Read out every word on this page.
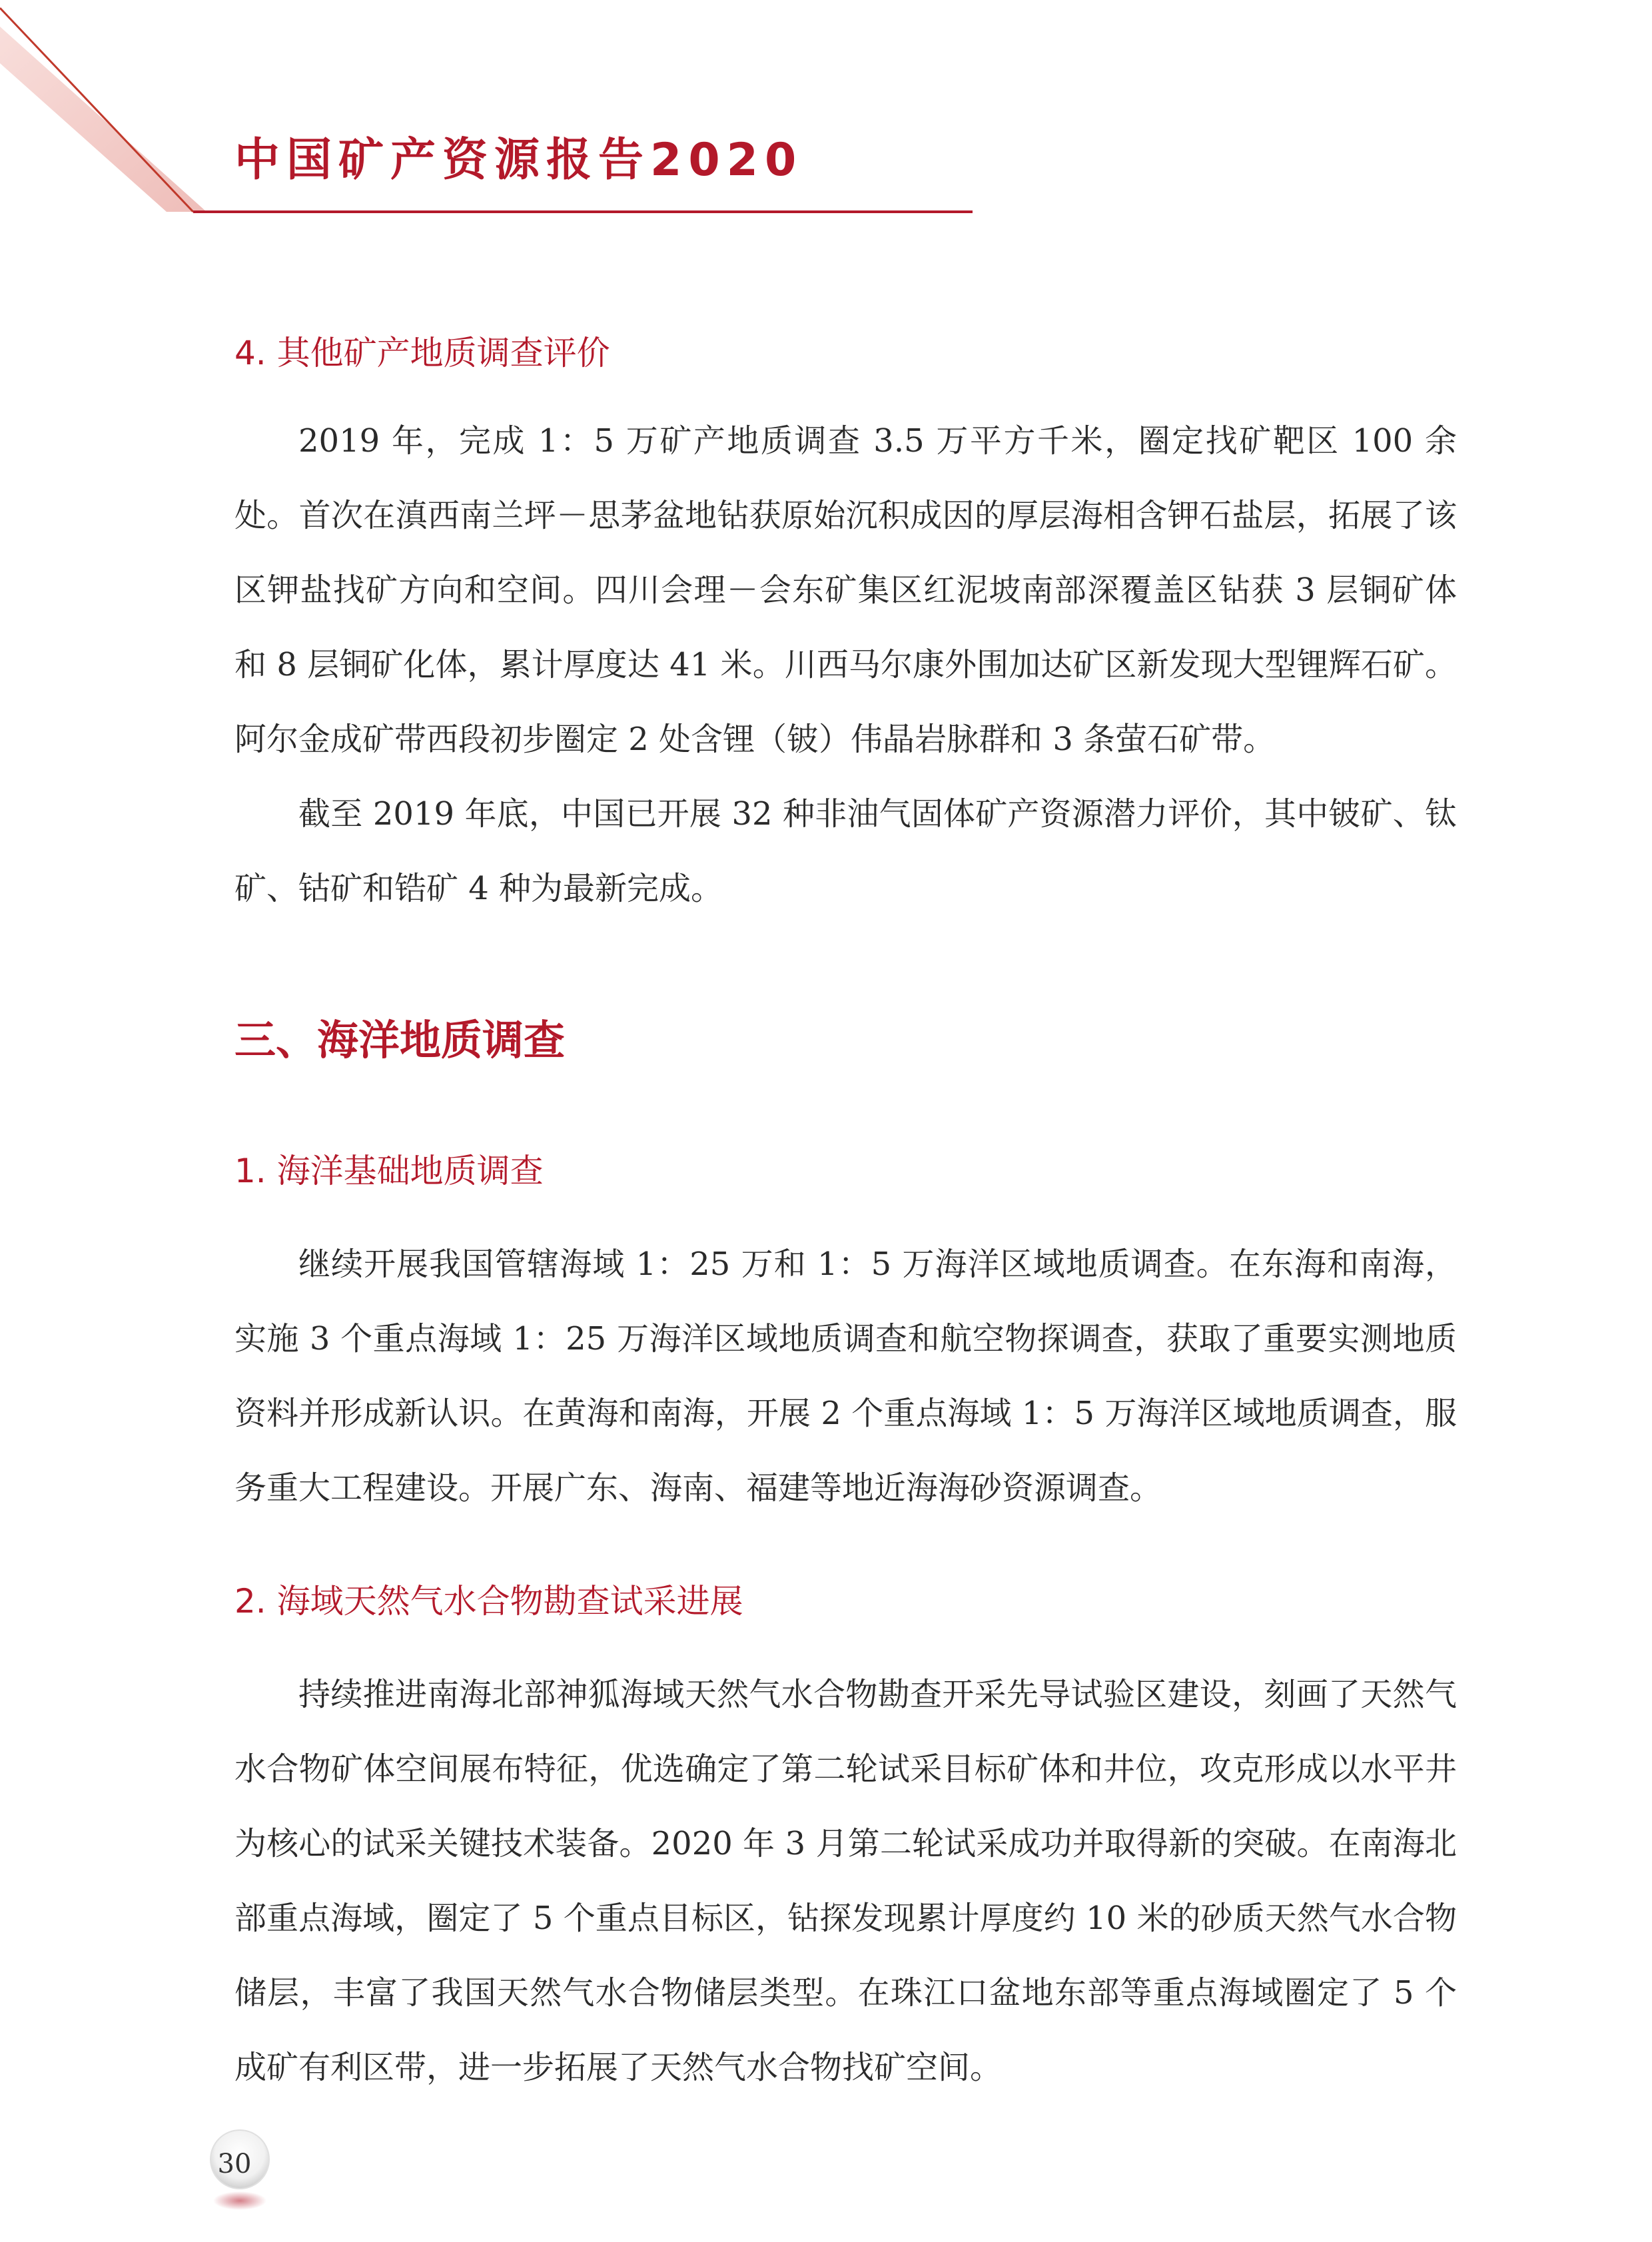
中国矿产资源报告2020
4. 其他矿产地质调查评价
2019 年，完成 1：5 万矿产地质调查 3.5 万平方千米，圈定找矿靶区 100 余处。首次在滇西南兰坪－思茅盆地钻获原始沉积成因的厚层海相含钾石盐层，拓展了该区钾盐找矿方向和空间。四川会理－会东矿集区红泥坡南部深覆盖区钻获 3 层铜矿体和 8 层铜矿化体，累计厚度达 41 米。川西马尔康外围加达矿区新发现大型锂辉石矿。阿尔金成矿带西段初步圈定 2 处含锂（铍）伟晶岩脉群和 3 条萤石矿带。
截至 2019 年底，中国已开展 32 种非油气固体矿产资源潜力评价，其中铍矿、钛矿、钴矿和锆矿 4 种为最新完成。
三、海洋地质调查
1. 海洋基础地质调查
继续开展我国管辖海域 1：25 万和 1：5 万海洋区域地质调查。在东海和南海，实施 3 个重点海域 1：25 万海洋区域地质调查和航空物探调查，获取了重要实测地质资料并形成新认识。在黄海和南海，开展 2 个重点海域 1：5 万海洋区域地质调查，服务重大工程建设。开展广东、海南、福建等地近海海砂资源调查。
2. 海域天然气水合物勘查试采进展
持续推进南海北部神狐海域天然气水合物勘查开采先导试验区建设，刻画了天然气水合物矿体空间展布特征，优选确定了第二轮试采目标矿体和井位，攻克形成以水平井为核心的试采关键技术装备。2020 年 3 月第二轮试采成功并取得新的突破。在南海北部重点海域，圈定了 5 个重点目标区，钻探发现累计厚度约 10 米的砂质天然气水合物储层，丰富了我国天然气水合物储层类型。在珠江口盆地东部等重点海域圈定了 5 个成矿有利区带，进一步拓展了天然气水合物找矿空间。
30
